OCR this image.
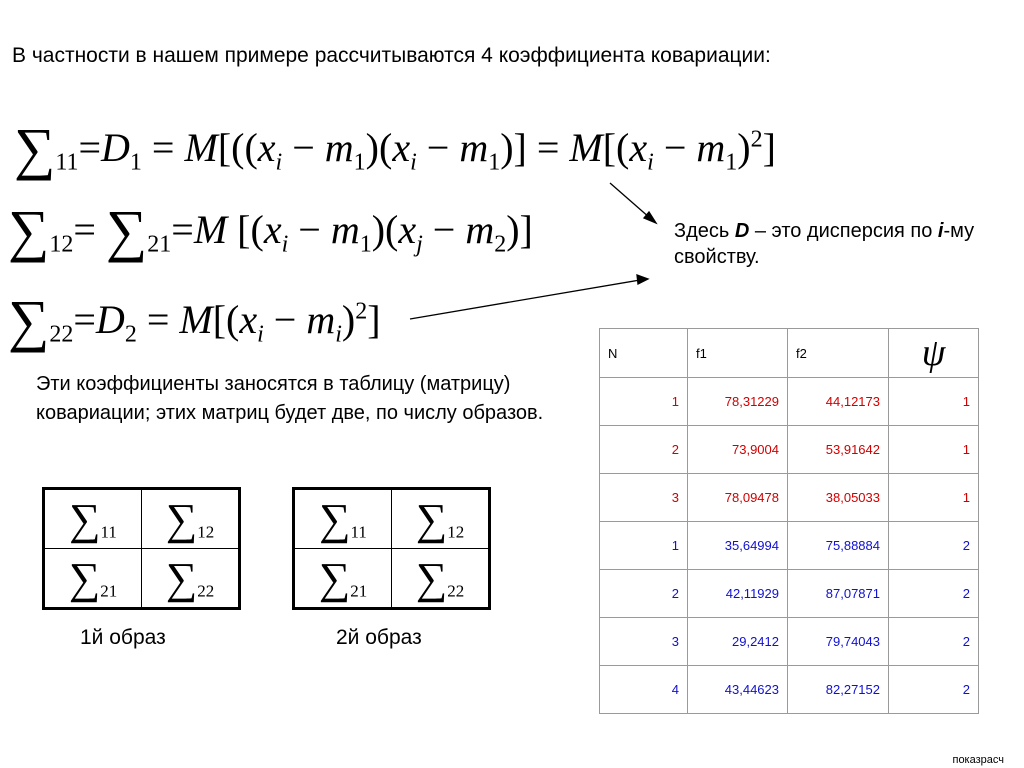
В частности в нашем примере рассчитываются 4 коэффициента ковариации:
$\sum_{11}=D_1 = M[((x_i - m_1)(x_i - m_1)] = M[(x_i - m_1)^2]$
$\sum_{12}= \sum_{21}=M$ $[(x_i - m_1)(x_j - m_2)]$
$\sum_{22}=D_2 = M[(x_i - m_i)^2]$
Здесь D – это дисперсия по i-му свойству.
Эти коэффициенты заносятся в таблицу (матрицу) ковариации; этих матриц будет две, по числу образов.
$\sum_{11}$	$\sum_{12}$
$\sum_{21}$	$\sum_{22}$
1й образ
$\sum_{11}$	$\sum_{12}$
$\sum_{21}$	$\sum_{22}$
2й образ
N	f1	f2	ψ
1	78,31229	44,12173	1
2	73,9004	53,91642	1
3	78,09478	38,05033	1
1	35,64994	75,88884	2
2	42,11929	87,07871	2
3	29,2412	79,74043	2
4	43,44623	82,27152	2
показрасч
